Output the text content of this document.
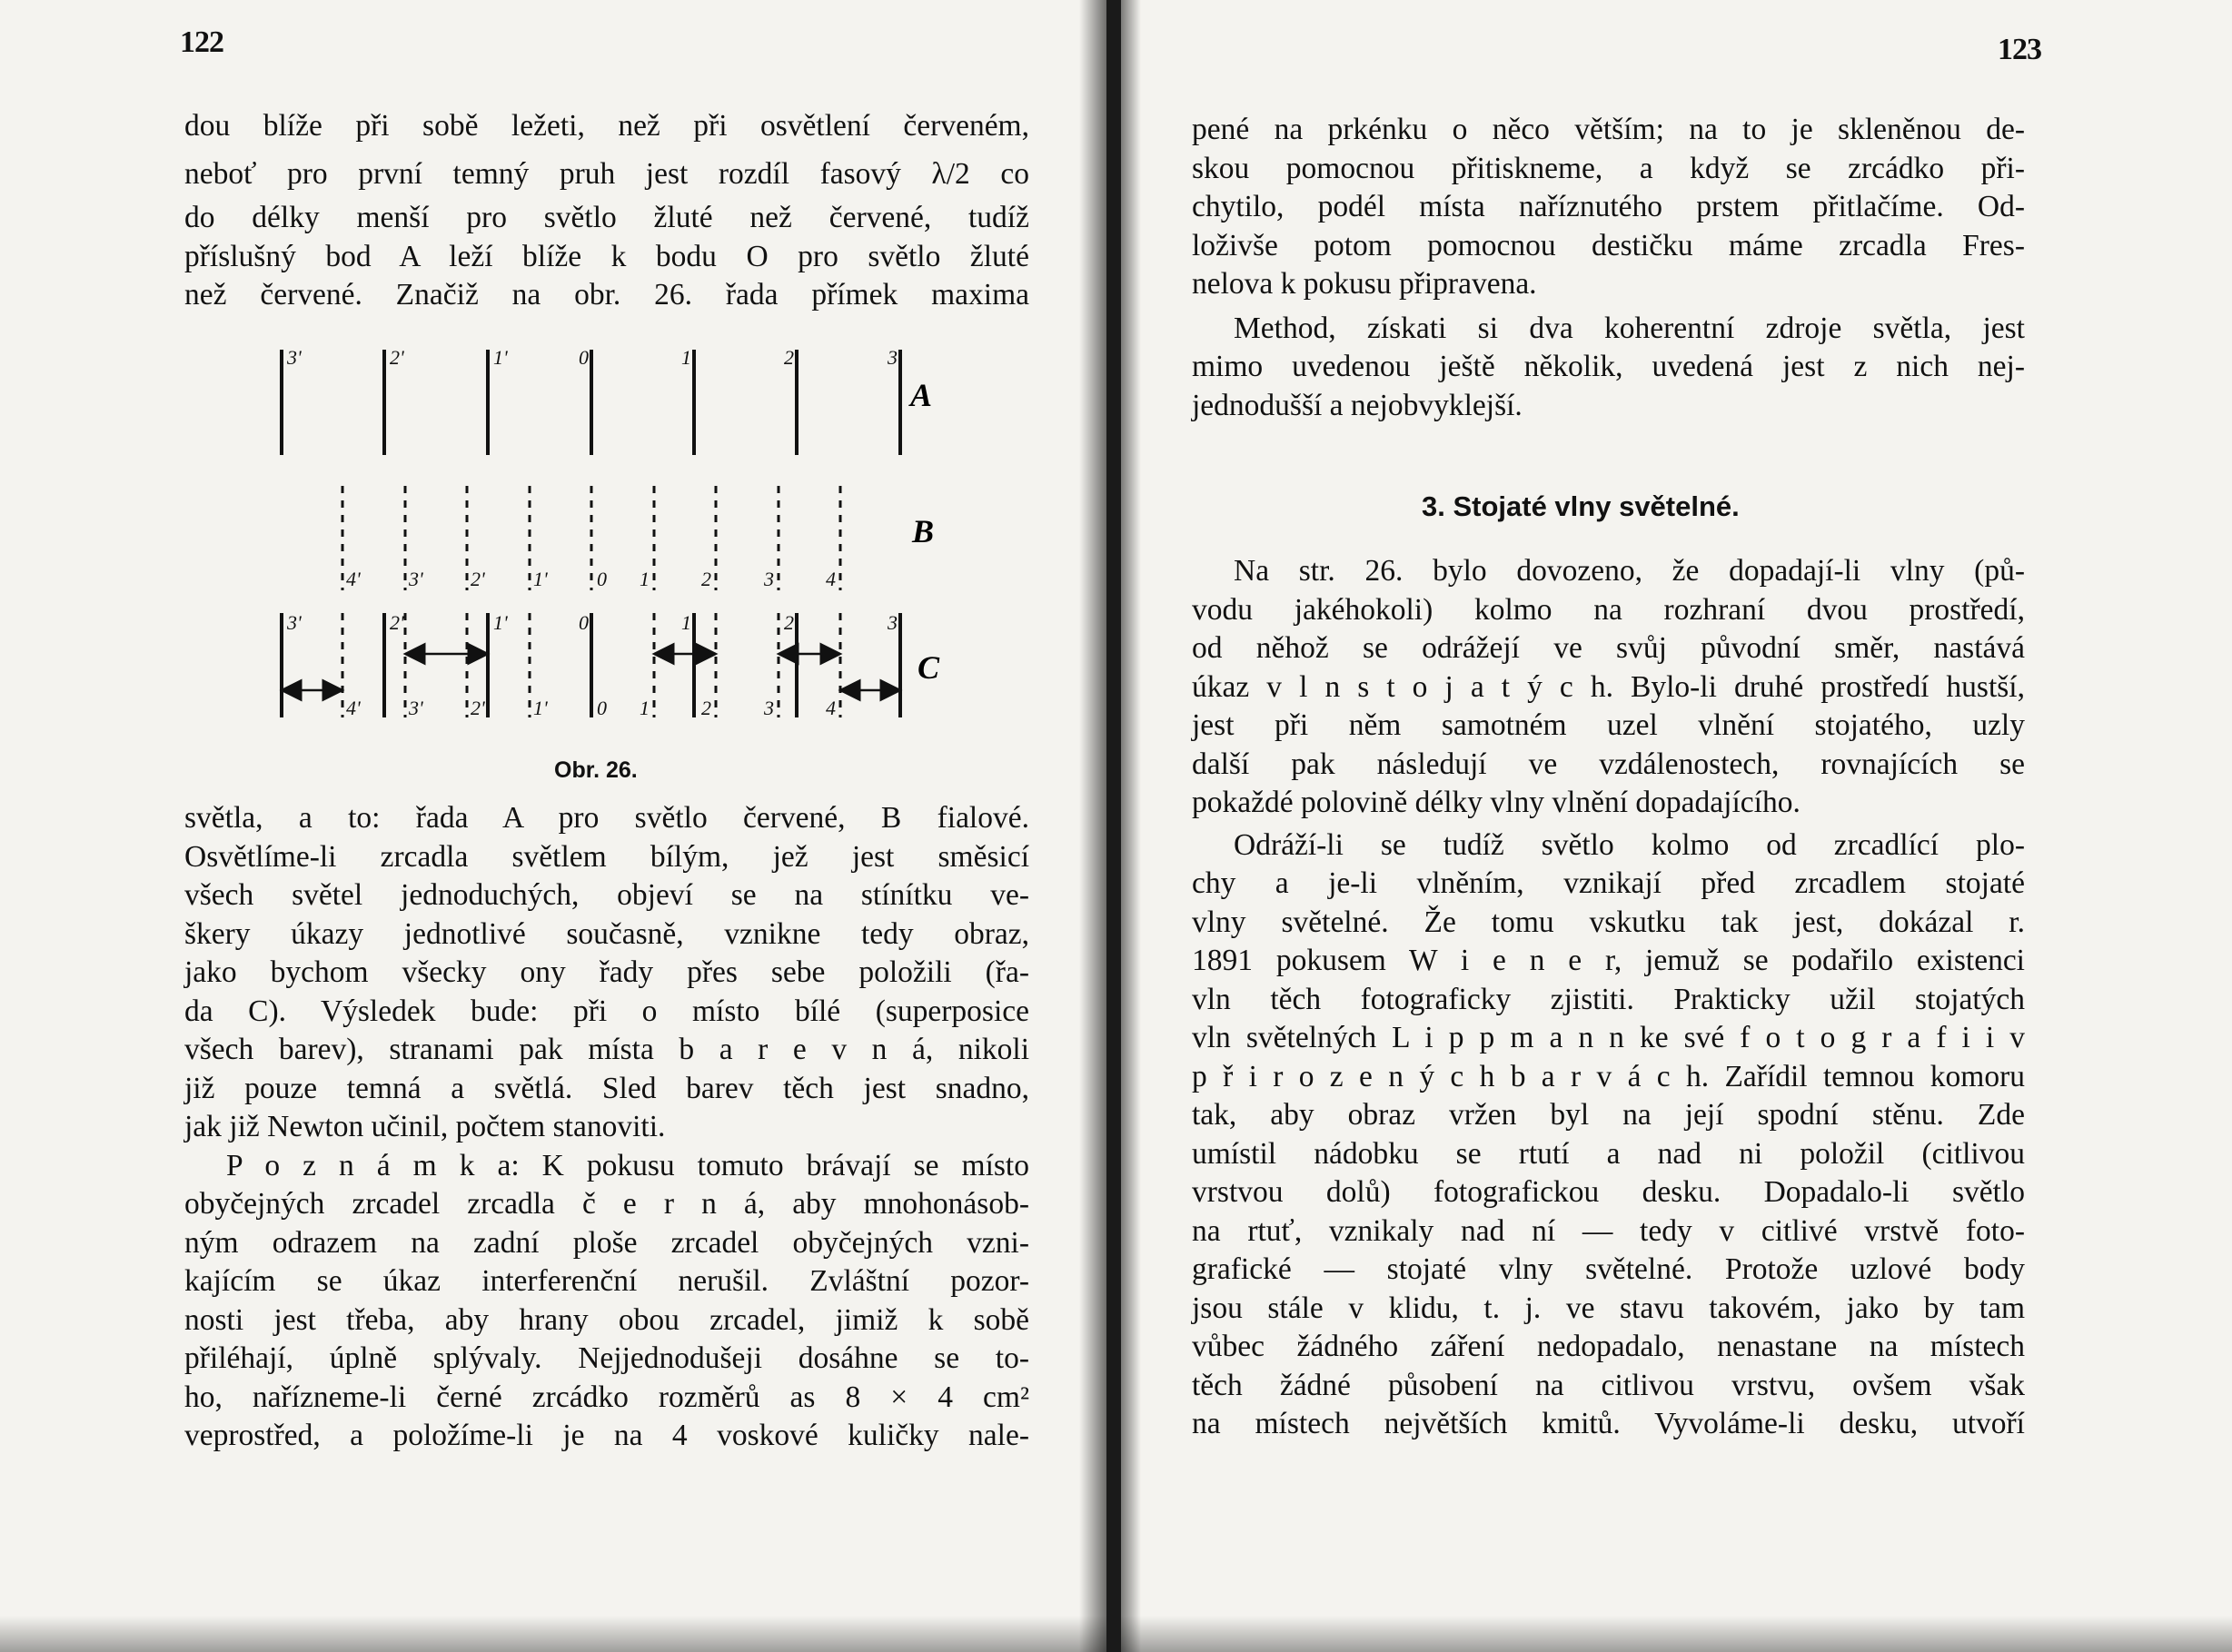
122
dou blíže při sobě ležeti, než při osvětlení červeném,
neboť pro první temný pruh jest rozdíl fasový λ/2 co
do délky menší pro světlo žluté než červené, tudíž
příslušný bod A leží blíže k bodu O pro světlo žluté
než červené. Značiž na obr. 26. řada přímek maxima
3'	2'	1'	0	1	2	3
4' 3' 2' 1' 0 1	2	3	4
3'	2'	1'	0	1	2	3
4' 3' 2' 1' 0 1	2	3	4
A
B
C
Obr. 26.
světla, a to: řada A pro světlo červené, B fialové.
Osvětlíme-li zrcadla světlem bílým, jež jest směsicí
všech světel jednoduchých, objeví se na stínítku ve-
škery úkazy jednotlivé současně, vznikne tedy obraz,
jako bychom všecky ony řady přes sebe položili (řa-
da C). Výsledek bude: při o místo bílé (superposice
všech barev), stranami pak místa b a r e v n á, nikoli
již pouze temná a světlá. Sled barev těch jest snadno,
jak již Newton učinil, počtem stanoviti.
P o z n á m k a: K pokusu tomuto brávají se místo
obyčejných zrcadel zrcadla č e r n á, aby mnohonásob-
ným odrazem na zadní ploše zrcadel obyčejných vzni-
kajícím se úkaz interferenční nerušil. Zvláštní pozor-
nosti jest třeba, aby hrany obou zrcadel, jimiž k sobě
přiléhají, úplně splývaly. Nejjednodušeji dosáhne se to-
ho, nařízneme-li černé zrcádko rozměrů as 8 × 4 cm²
veprostřed, a položíme-li je na 4 voskové kuličky nale-
123
pené na prkénku o něco větším; na to je skleněnou de-
skou pomocnou přitiskneme, a když se zrcádko při-
chytilo, podél místa naříznutého prstem přitlačíme. Od-
loživše potom pomocnou destičku máme zrcadla Fres-
nelova k pokusu připravena.
Method, získati si dva koherentní zdroje světla, jest
mimo uvedenou ještě několik, uvedená jest z nich nej-
jednodušší a nejobvyklejší.
3. Stojaté vlny světelné.
Na str. 26. bylo dovozeno, že dopadají-li vlny (pů-
vodu jakéhokoli) kolmo na rozhraní dvou prostředí,
od něhož se odrážejí ve svůj původní směr, nastává
úkaz v l n s t o j a t ý c h. Bylo-li druhé prostředí hustší,
jest při něm samotném uzel vlnění stojatého, uzly
další pak následují ve vzdálenostech, rovnajících se
pokaždé polovině délky vlny vlnění dopadajícího.
Odráží-li se tudíž světlo kolmo od zrcadlící plo-
chy a je-li vlněním, vznikají před zrcadlem stojaté
vlny světelné. Že tomu vskutku tak jest, dokázal r.
1891 pokusem W i e n e r, jemuž se podařilo existenci
vln těch fotograficky zjistiti. Prakticky užil stojatých
vln světelných L i p p m a n n ke své f o t o g r a f i i v
p ř i r o z e n ý c h b a r v á c h. Zařídil temnou komoru
tak, aby obraz vržen byl na její spodní stěnu. Zde
umístil nádobku se rtutí a nad ni položil (citlivou
vrstvou dolů) fotografickou desku. Dopadalo-li světlo
na rtuť, vznikaly nad ní — tedy v citlivé vrstvě foto-
grafické — stojaté vlny světelné. Protože uzlové body
jsou stále v klidu, t. j. ve stavu takovém, jako by tam
vůbec žádného záření nedopadalo, nenastane na místech
těch žádné působení na citlivou vrstvu, ovšem však
na místech největších kmitů. Vyvoláme-li desku, utvoří
